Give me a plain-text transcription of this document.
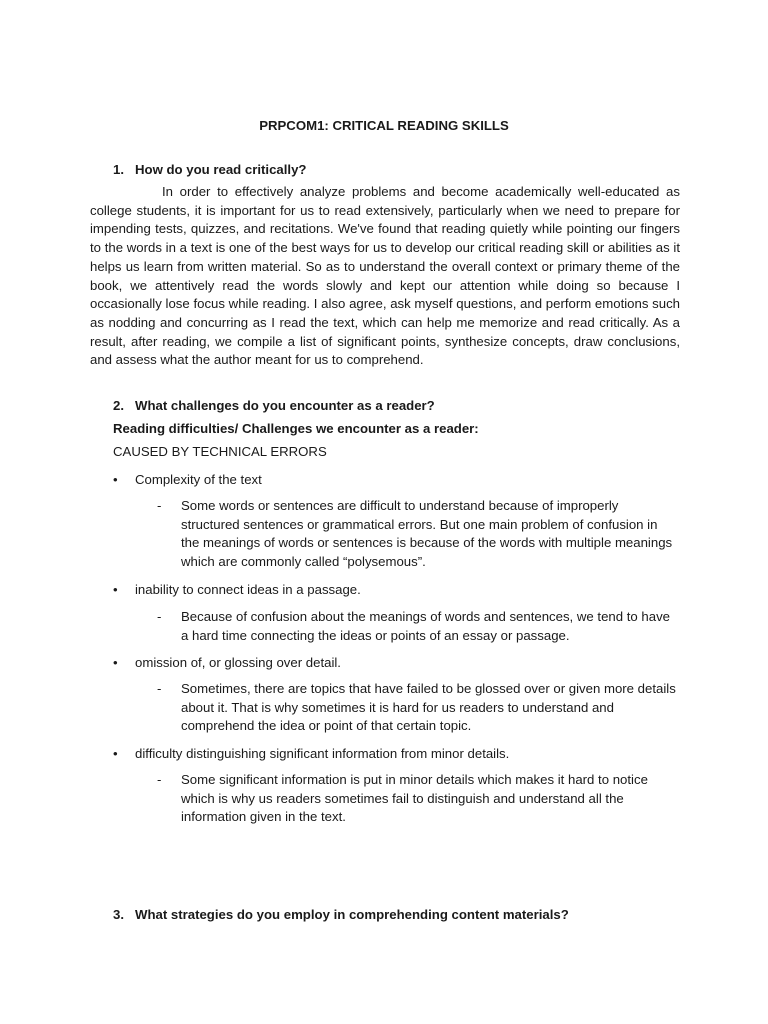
PRPCOM1: CRITICAL READING SKILLS
1. How do you read critically?
In order to effectively analyze problems and become academically well-educated as college students, it is important for us to read extensively, particularly when we need to prepare for impending tests, quizzes, and recitations. We've found that reading quietly while pointing our fingers to the words in a text is one of the best ways for us to develop our critical reading skill or abilities as it helps us learn from written material. So as to understand the overall context or primary theme of the book, we attentively read the words slowly and kept our attention while doing so because I occasionally lose focus while reading. I also agree, ask myself questions, and perform emotions such as nodding and concurring as I read the text, which can help me memorize and read critically. As a result, after reading, we compile a list of significant points, synthesize concepts, draw conclusions, and assess what the author meant for us to comprehend.
2. What challenges do you encounter as a reader?
Reading difficulties/ Challenges we encounter as a reader:
CAUSED BY TECHNICAL ERRORS
• Complexity of the text
- Some words or sentences are difficult to understand because of improperly structured sentences or grammatical errors. But one main problem of confusion in the meanings of words or sentences is because of the words with multiple meanings which are commonly called “polysemous”.
• inability to connect ideas in a passage.
- Because of confusion about the meanings of words and sentences, we tend to have a hard time connecting the ideas or points of an essay or passage.
• omission of, or glossing over detail.
- Sometimes, there are topics that have failed to be glossed over or given more details about it. That is why sometimes it is hard for us readers to understand and comprehend the idea or point of that certain topic.
• difficulty distinguishing significant information from minor details.
- Some significant information is put in minor details which makes it hard to notice which is why us readers sometimes fail to distinguish and understand all the information given in the text.
3. What strategies do you employ in comprehending content materials?
